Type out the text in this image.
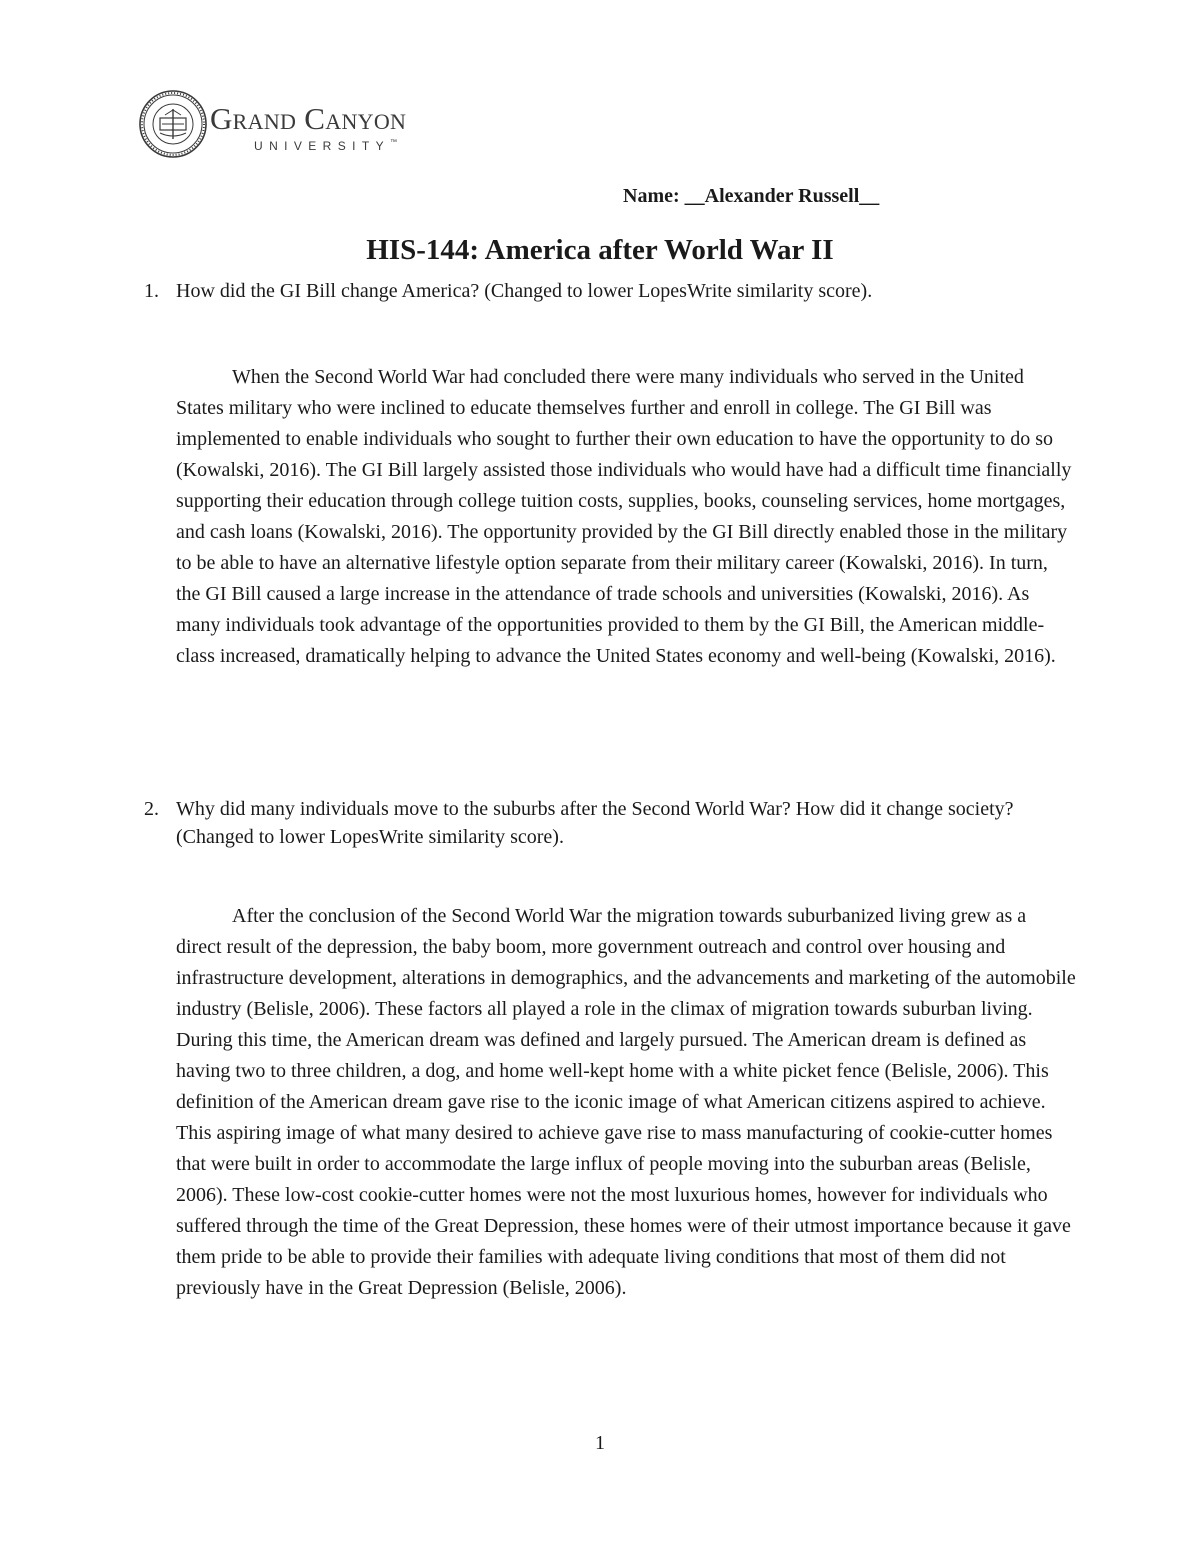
Grand Canyon
UNIVERSITY™
Name: __Alexander Russell__
HIS-144: America after World War II
1. How did the GI Bill change America? (Changed to lower LopesWrite similarity score).

When the Second World War had concluded there were many individuals who served in the United States military who were inclined to educate themselves further and enroll in college. The GI Bill was implemented to enable individuals who sought to further their own education to have the opportunity to do so (Kowalski, 2016). The GI Bill largely assisted those individuals who would have had a difficult time financially supporting their education through college tuition costs, supplies, books, counseling services, home mortgages, and cash loans (Kowalski, 2016). The opportunity provided by the GI Bill directly enabled those in the military to be able to have an alternative lifestyle option separate from their military career (Kowalski, 2016). In turn, the GI Bill caused a large increase in the attendance of trade schools and universities (Kowalski, 2016). As many individuals took advantage of the opportunities provided to them by the GI Bill, the American middle-class increased, dramatically helping to advance the United States economy and well-being (Kowalski, 2016).

2. Why did many individuals move to the suburbs after the Second World War? How did it change society? (Changed to lower LopesWrite similarity score).

After the conclusion of the Second World War the migration towards suburbanized living grew as a direct result of the depression, the baby boom, more government outreach and control over housing and infrastructure development, alterations in demographics, and the advancements and marketing of the automobile industry (Belisle, 2006). These factors all played a role in the climax of migration towards suburban living. During this time, the American dream was defined and largely pursued. The American dream is defined as having two to three children, a dog, and home well-kept home with a white picket fence (Belisle, 2006). This definition of the American dream gave rise to the iconic image of what American citizens aspired to achieve. This aspiring image of what many desired to achieve gave rise to mass manufacturing of cookie-cutter homes that were built in order to accommodate the large influx of people moving into the suburban areas (Belisle, 2006). These low-cost cookie-cutter homes were not the most luxurious homes, however for individuals who suffered through the time of the Great Depression, these homes were of their utmost importance because it gave them pride to be able to provide their families with adequate living conditions that most of them did not previously have in the Great Depression (Belisle, 2006).

1
